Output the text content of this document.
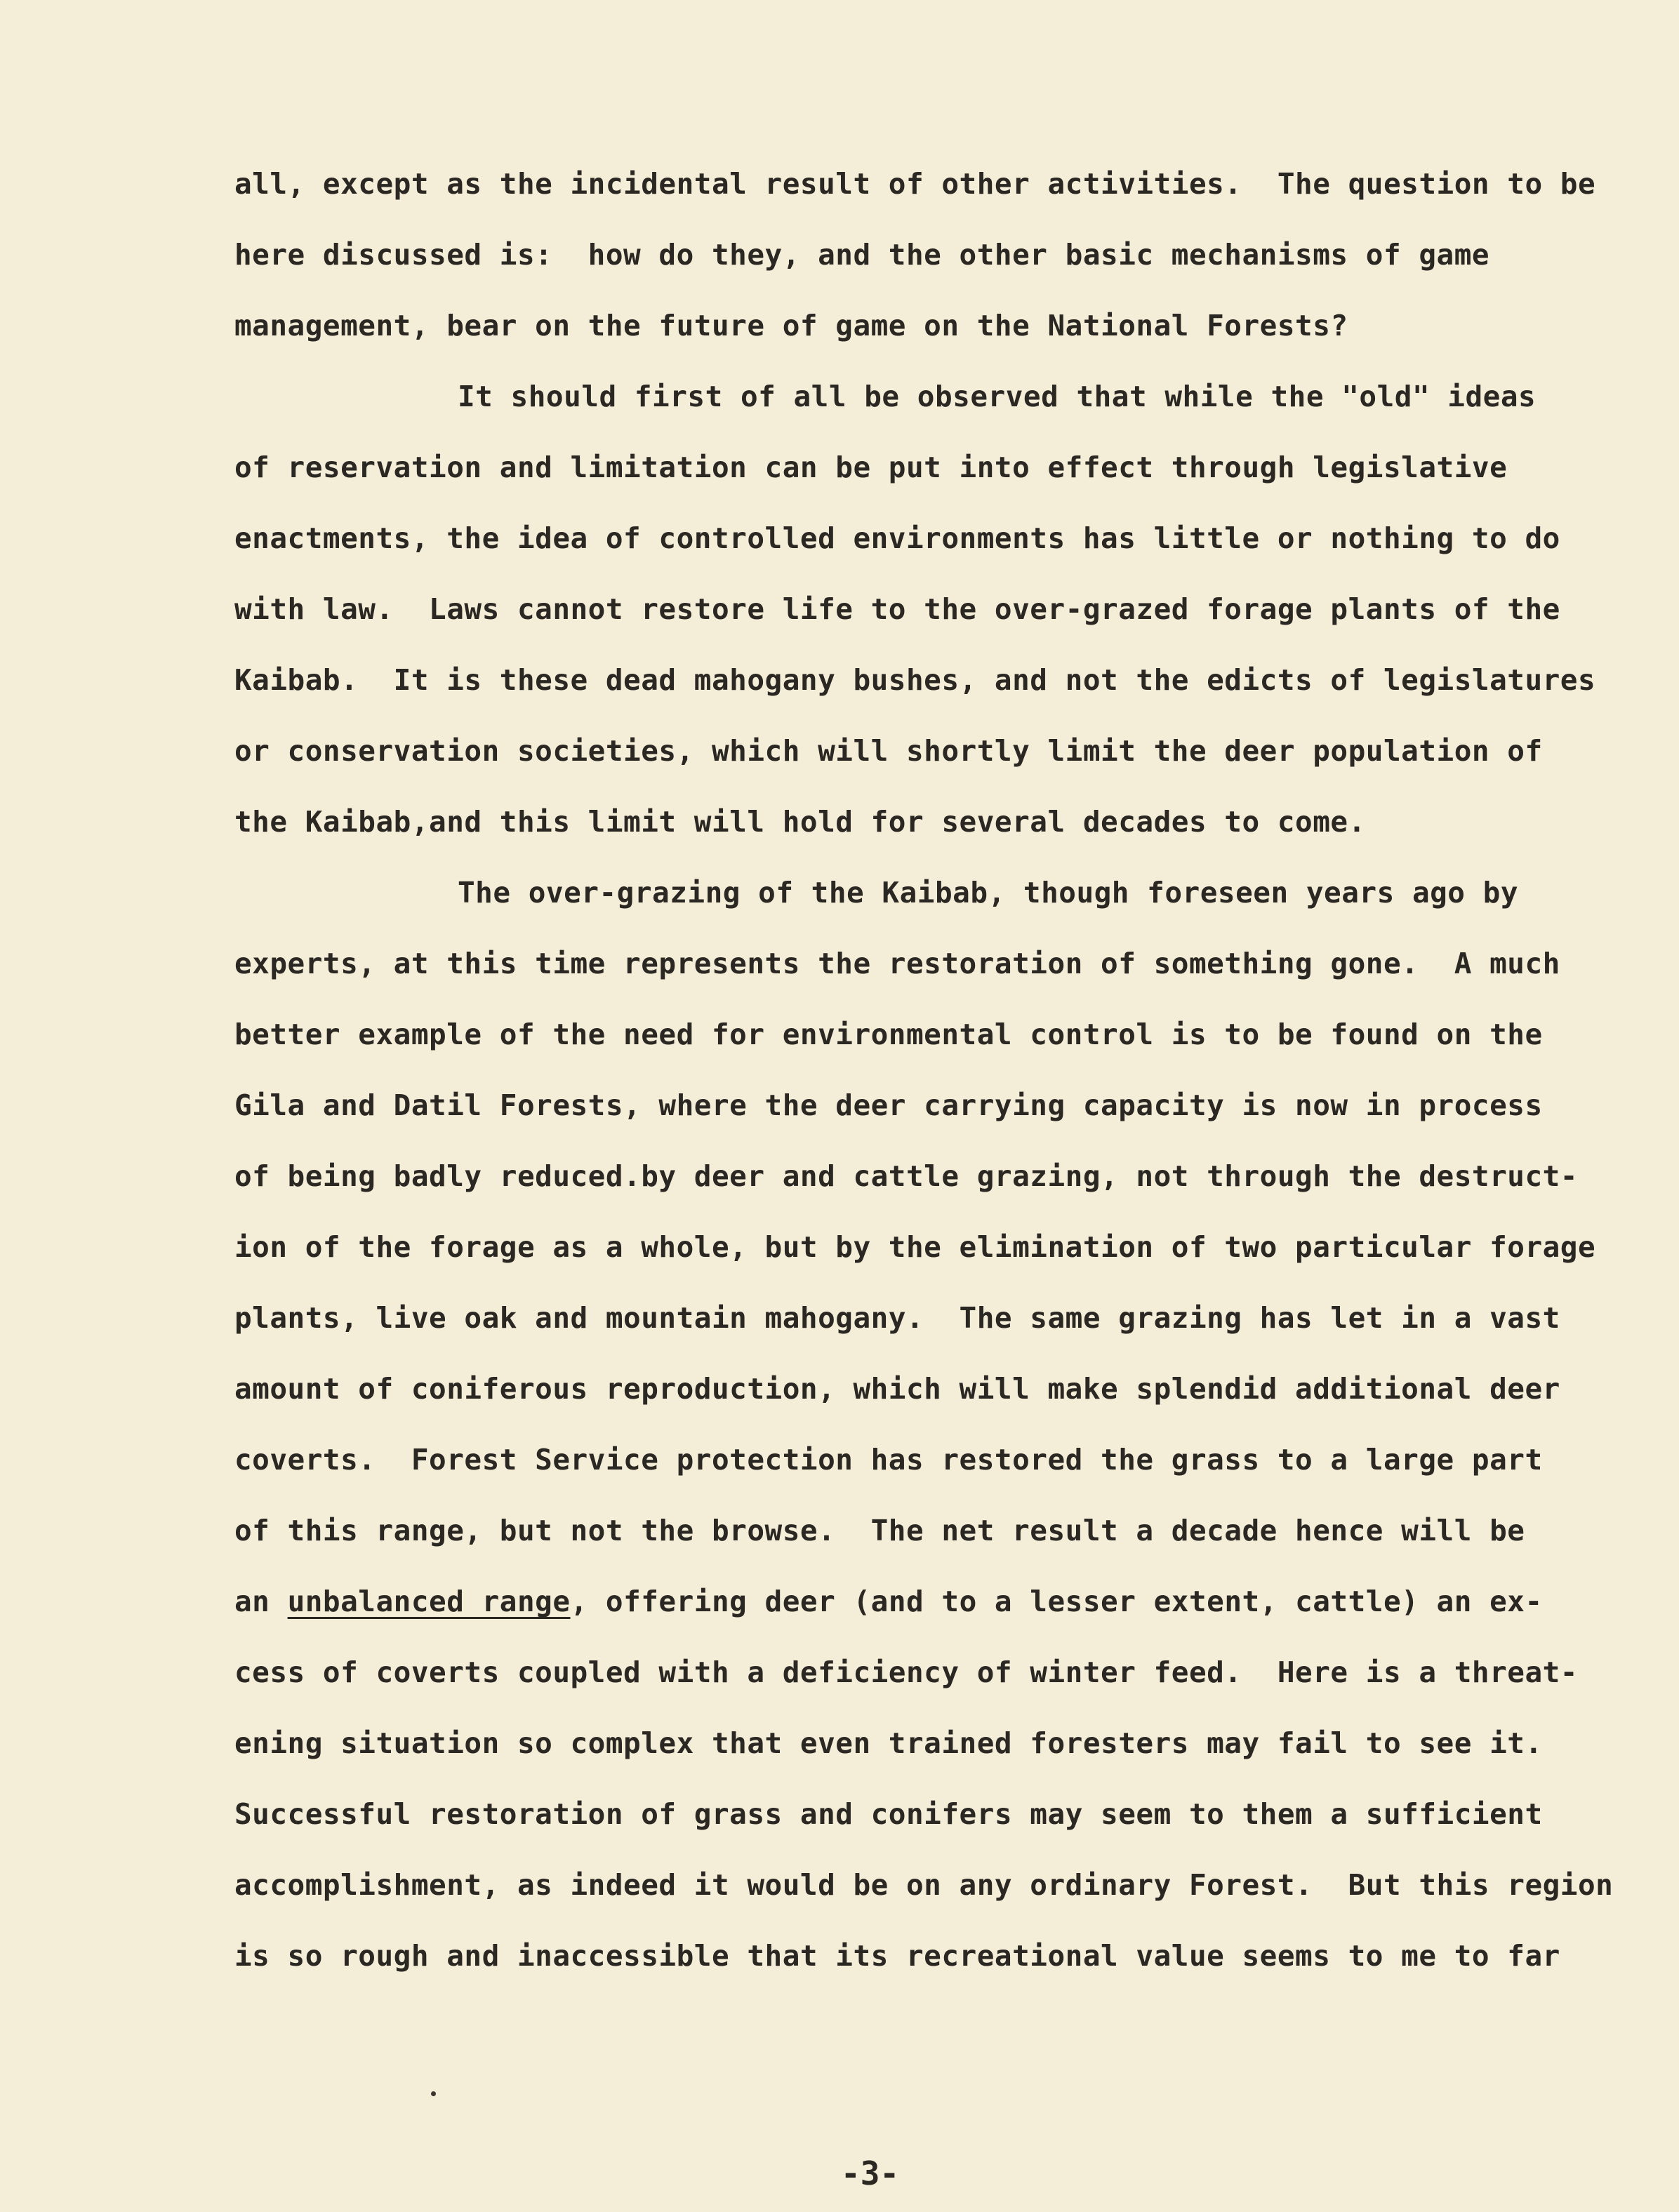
all, except as the incidental result of other activities.  The question to be
here discussed is:  how do they, and the other basic mechanisms of game
management, bear on the future of game on the National Forests?
It should first of all be observed that while the "old" ideas
of reservation and limitation can be put into effect through legislative
enactments, the idea of controlled environments has little or nothing to do
with law.  Laws cannot restore life to the over-grazed forage plants of the
Kaibab.  It is these dead mahogany bushes, and not the edicts of legislatures
or conservation societies, which will shortly limit the deer population of
the Kaibab,and this limit will hold for several decades to come.
The over-grazing of the Kaibab, though foreseen years ago by
experts, at this time represents the restoration of something gone.  A much
better example of the need for environmental control is to be found on the
Gila and Datil Forests, where the deer carrying capacity is now in process
of being badly reduced.by deer and cattle grazing, not through the destruct-
ion of the forage as a whole, but by the elimination of two particular forage
plants, live oak and mountain mahogany.  The same grazing has let in a vast
amount of coniferous reproduction, which will make splendid additional deer
coverts.  Forest Service protection has restored the grass to a large part
of this range, but not the browse.  The net result a decade hence will be
an unbalanced range, offering deer (and to a lesser extent, cattle) an ex-
cess of coverts coupled with a deficiency of winter feed.  Here is a threat-
ening situation so complex that even trained foresters may fail to see it.
Successful restoration of grass and conifers may seem to them a sufficient
accomplishment, as indeed it would be on any ordinary Forest.  But this region
is so rough and inaccessible that its recreational value seems to me to far
-3-
